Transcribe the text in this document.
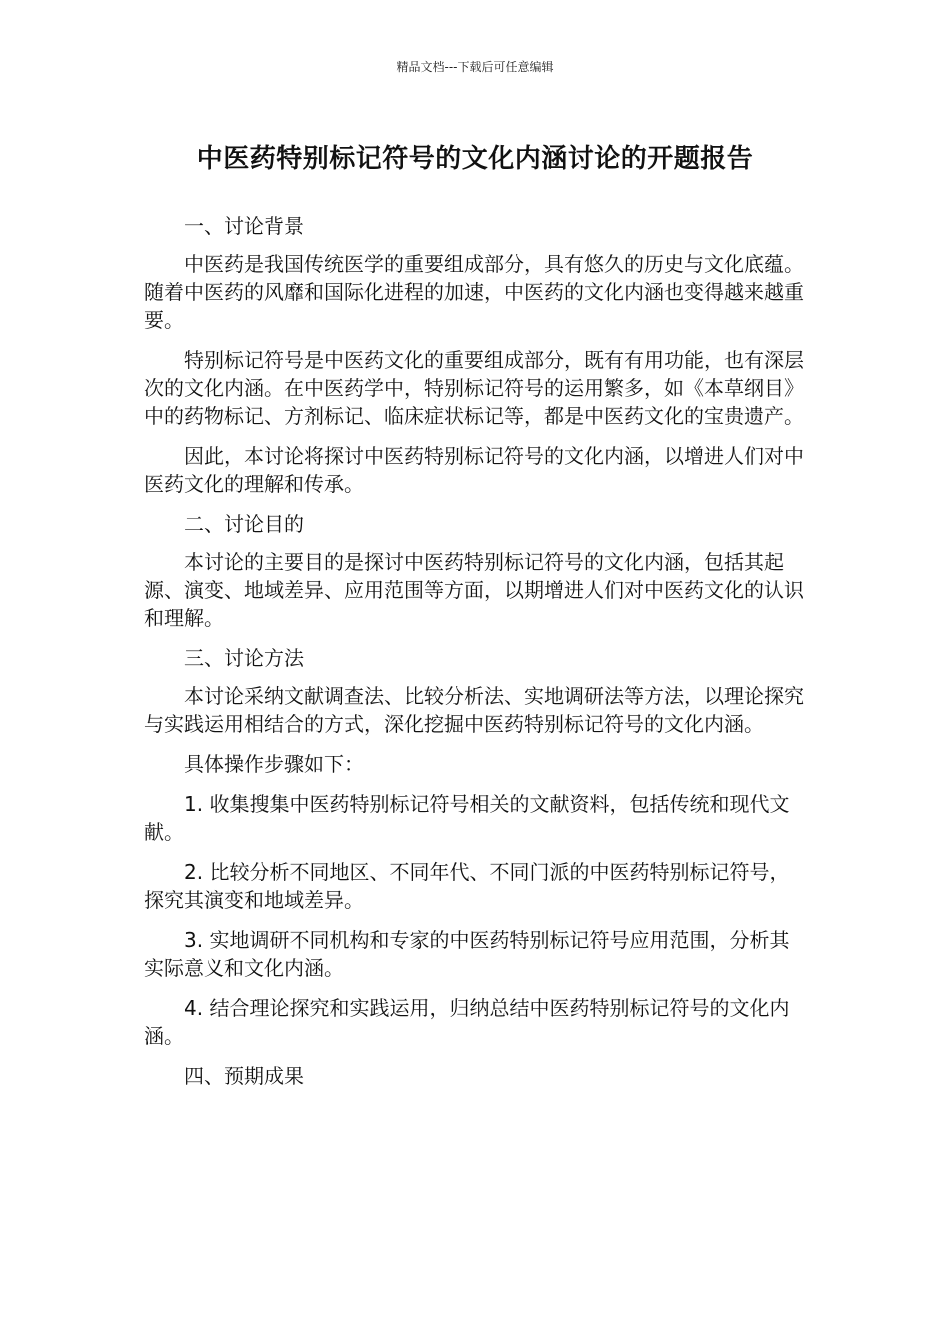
精品文档---下载后可任意编辑
中医药特别标记符号的文化内涵讨论的开题报告

一、讨论背景

中医药是我国传统医学的重要组成部分，具有悠久的历史与文化底蕴。随着中医药的风靡和国际化进程的加速，中医药的文化内涵也变得越来越重要。

特别标记符号是中医药文化的重要组成部分，既有有用功能，也有深层次的文化内涵。在中医药学中，特别标记符号的运用繁多，如《本草纲目》中的药物标记、方剂标记、临床症状标记等，都是中医药文化的宝贵遗产。

因此，本讨论将探讨中医药特别标记符号的文化内涵，以增进人们对中医药文化的理解和传承。

二、讨论目的

本讨论的主要目的是探讨中医药特别标记符号的文化内涵，包括其起源、演变、地域差异、应用范围等方面，以期增进人们对中医药文化的认识和理解。

三、讨论方法

本讨论采纳文献调查法、比较分析法、实地调研法等方法，以理论探究与实践运用相结合的方式，深化挖掘中医药特别标记符号的文化内涵。

具体操作步骤如下：

1. 收集搜集中医药特别标记符号相关的文献资料，包括传统和现代文献。

2. 比较分析不同地区、不同年代、不同门派的中医药特别标记符号，探究其演变和地域差异。

3. 实地调研不同机构和专家的中医药特别标记符号应用范围，分析其实际意义和文化内涵。

4. 结合理论探究和实践运用，归纳总结中医药特别标记符号的文化内涵。

四、预期成果
